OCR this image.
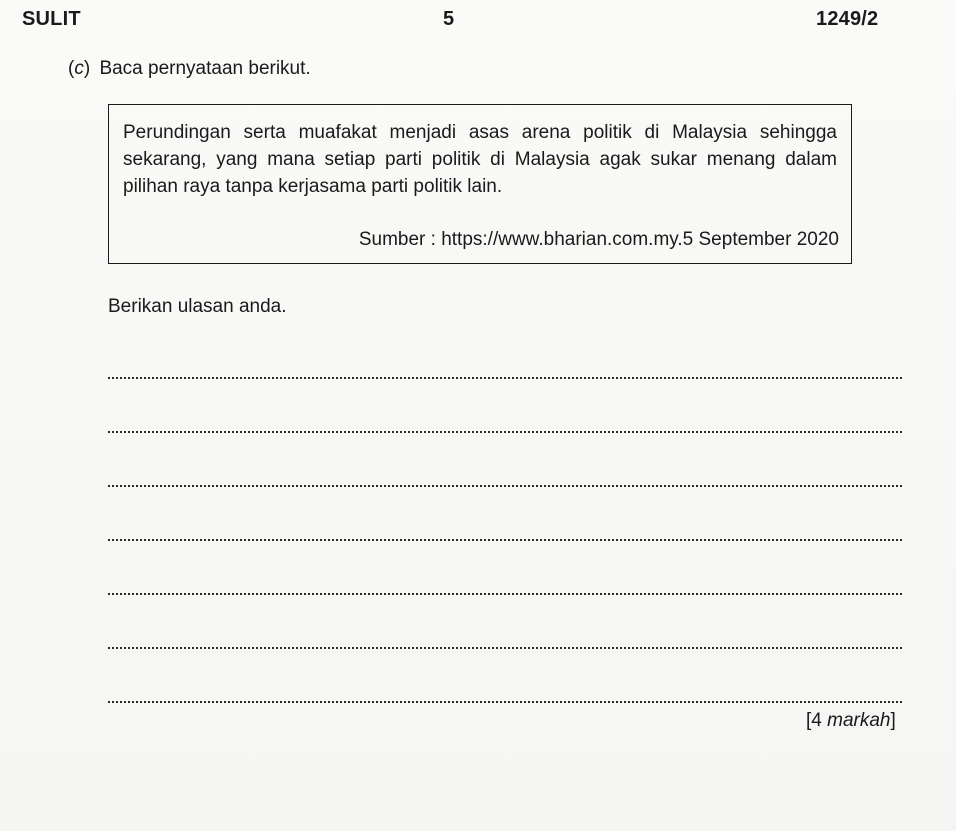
SULIT	5	1249/2
(c) Baca pernyataan berikut.
Perundingan serta muafakat menjadi asas arena politik di Malaysia sehingga sekarang, yang mana setiap parti politik di Malaysia agak sukar menang dalam pilihan raya tanpa kerjasama parti politik lain.
Sumber : https://www.bharian.com.my.5 September 2020
Berikan ulasan anda.
[4 markah]
